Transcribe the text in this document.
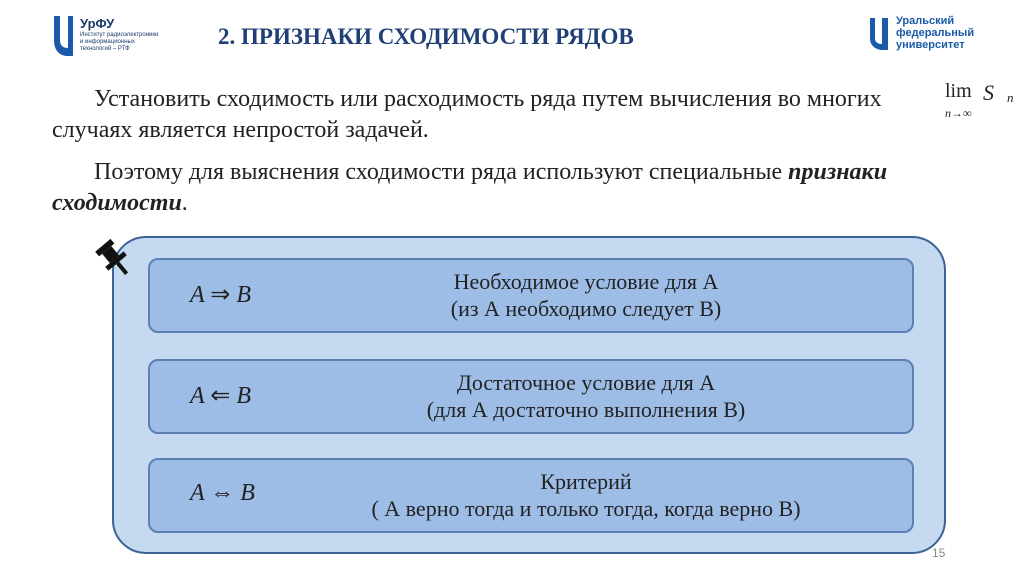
УрФУ
Институт радиоэлектроники и информационных технологий – РТФ	2. ПРИЗНАКИ СХОДИМОСТИ РЯДОВ
Уральский федеральный университет
Установить сходимость или расходимость ряда путем вычисления во многих случаях является непростой задачей.
lim S n
n→∞
Поэтому для выяснения сходимости ряда используют специальные признаки сходимости.
A ⇒ B
Необходимое условие для А
(из А необходимо следует В)
A ⇐ B
Достаточное условие для А
(для А достаточно выполнения В)
A ⇔ B	Критерий
( А верно тогда и только тогда, когда верно В)
15
